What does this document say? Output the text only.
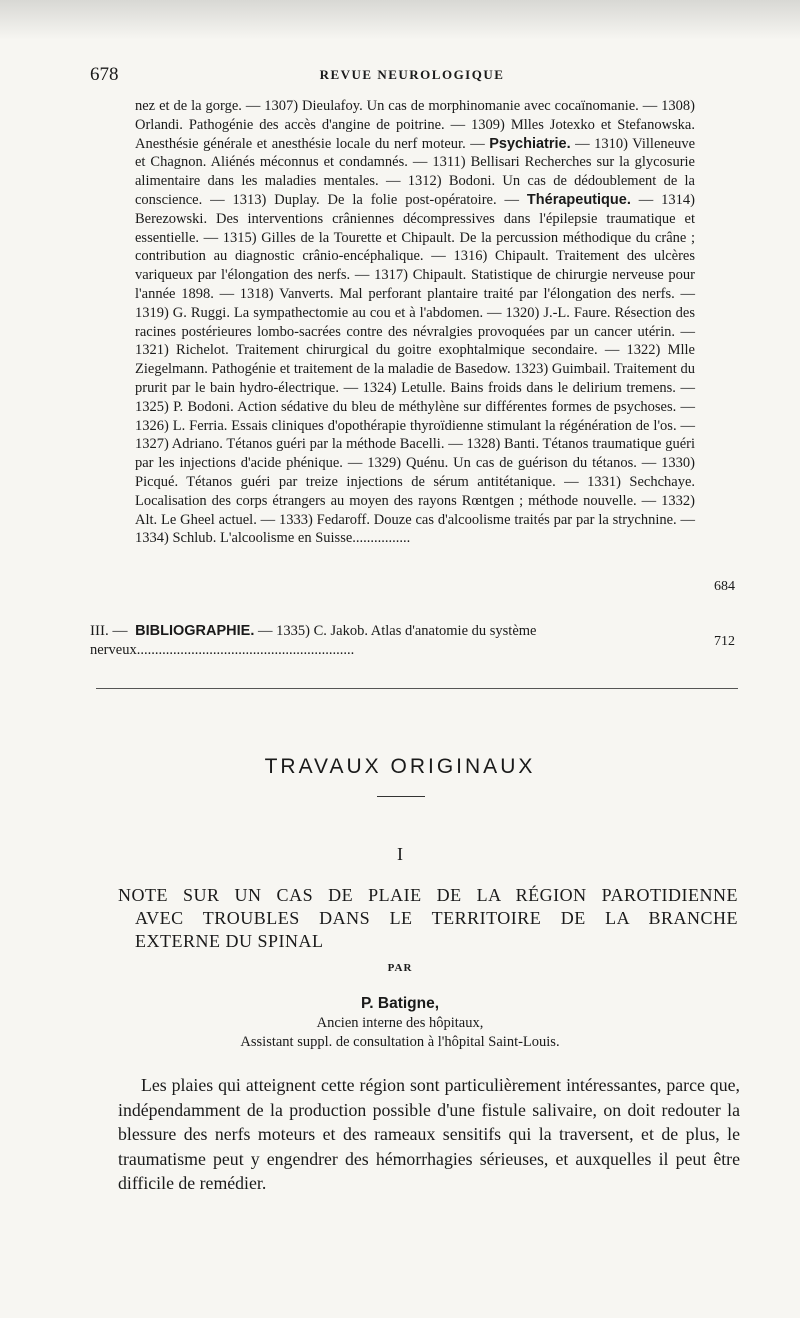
678	REVUE NEUROLOGIQUE

nez et de la gorge. — 1307) Dieulafoy. Un cas de morphinomanie avec cocaïnomanie. — 1308) Orlandi. Pathogénie des accès d'angine de poitrine. — 1309) Mlles Jotexko et Stefanowska. Anesthésie générale et anesthésie locale du nerf moteur. — Psychiatrie. — 1310) Villeneuve et Chagnon. Aliénés méconnus et condamnés. — 1311) Bellisari Recherches sur la glycosurie alimentaire dans les maladies mentales. — 1312) Bodoni. Un cas de dédoublement de la conscience. — 1313) Duplay. De la folie post-opératoire. — Thérapeutique. — 1314) Berezowski. Des interventions crâniennes décompressives dans l'épilepsie traumatique et essentielle. — 1315) Gilles de la Tourette et Chipault. De la percussion méthodique du crâne ; contribution au diagnostic crânio-encéphalique. — 1316) Chipault. Traitement des ulcères variqueux par l'élongation des nerfs. — 1317) Chipault. Statistique de chirurgie nerveuse pour l'année 1898. — 1318) Vanverts. Mal perforant plantaire traité par l'élongation des nerfs. — 1319) G. Ruggi. La sympathectomie au cou et à l'abdomen. — 1320) J.-L. Faure. Résection des racines postérieures lombo-sacrées contre des névralgies provoquées par un cancer utérin. — 1321) Richelot. Traitement chirurgical du goitre exophtalmique secondaire. — 1322) Mlle Ziegelmann. Pathogénie et traitement de la maladie de Basedow. 1323) Guimbail. Traitement du prurit par le bain hydro-électrique. — 1324) Letulle. Bains froids dans le delirium tremens. — 1325) P. Bodoni. Action sédative du bleu de méthylène sur différentes formes de psychoses. — 1326) L. Ferria. Essais cliniques d'opothérapie thyroïdienne stimulant la régénération de l'os. — 1327) Adriano. Tétanos guéri par la méthode Bacelli. — 1328) Banti. Tétanos traumatique guéri par les injections d'acide phénique. — 1329) Quénu. Un cas de guérison du tétanos. — 1330) Picqué. Tétanos guéri par treize injections de sérum antitétanique. — 1331) Sechchaye. Localisation des corps étrangers au moyen des rayons Rœntgen ; méthode nouvelle. — 1332) Alt. Le Gheel actuel. — 1333) Fedaroff. Douze cas d'alcoolisme traités par par la strychnine. — 1334) Schlub. L'alcoolisme en Suisse................

684
III. — BIBLIOGRAPHIE. — 1335) C. Jakob. Atlas d'anatomie du système nerveux............................................................
712
TRAVAUX ORIGINAUX
I

NOTE SUR UN CAS DE PLAIE DE LA RÉGION PAROTIDIENNE

AVEC TROUBLES DANS LE TERRITOIRE DE LA BRANCHE

EXTERNE DU SPINAL

PAR
P. Batigne,
Ancien interne des hôpitaux,
Assistant suppl. de consultation à l'hôpital Saint-Louis.

Les plaies qui atteignent cette région sont particulièrement intéressantes, parce que, indépendamment de la production possible d'une fistule salivaire, on doit redouter la blessure des nerfs moteurs et des rameaux sensitifs qui la traversent, et de plus, le traumatisme peut y engendrer des hémorrhagies sérieuses, et auxquelles il peut être difficile de remédier.
